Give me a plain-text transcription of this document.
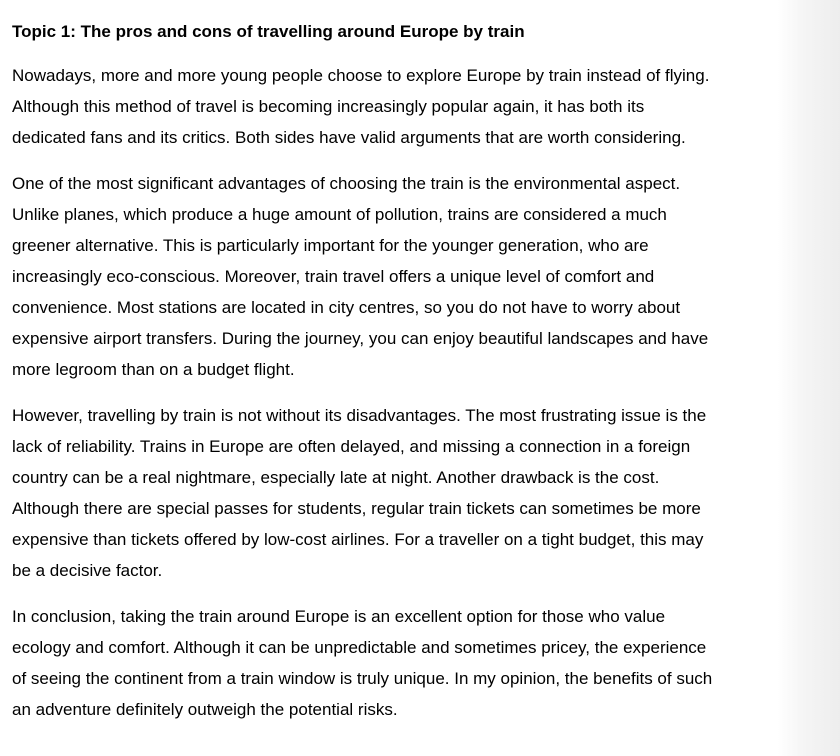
Topic 1: The pros and cons of travelling around Europe by train

Nowadays, more and more young people choose to explore Europe by train instead of flying.
Although this method of travel is becoming increasingly popular again, it has both its
dedicated fans and its critics. Both sides have valid arguments that are worth considering.

One of the most significant advantages of choosing the train is the environmental aspect.
Unlike planes, which produce a huge amount of pollution, trains are considered a much
greener alternative. This is particularly important for the younger generation, who are
increasingly eco-conscious. Moreover, train travel offers a unique level of comfort and
convenience. Most stations are located in city centres, so you do not have to worry about
expensive airport transfers. During the journey, you can enjoy beautiful landscapes and have
more legroom than on a budget flight.

However, travelling by train is not without its disadvantages. The most frustrating issue is the
lack of reliability. Trains in Europe are often delayed, and missing a connection in a foreign
country can be a real nightmare, especially late at night. Another drawback is the cost.
Although there are special passes for students, regular train tickets can sometimes be more
expensive than tickets offered by low-cost airlines. For a traveller on a tight budget, this may
be a decisive factor.

In conclusion, taking the train around Europe is an excellent option for those who value
ecology and comfort. Although it can be unpredictable and sometimes pricey, the experience
of seeing the continent from a train window is truly unique. In my opinion, the benefits of such
an adventure definitely outweigh the potential risks.
